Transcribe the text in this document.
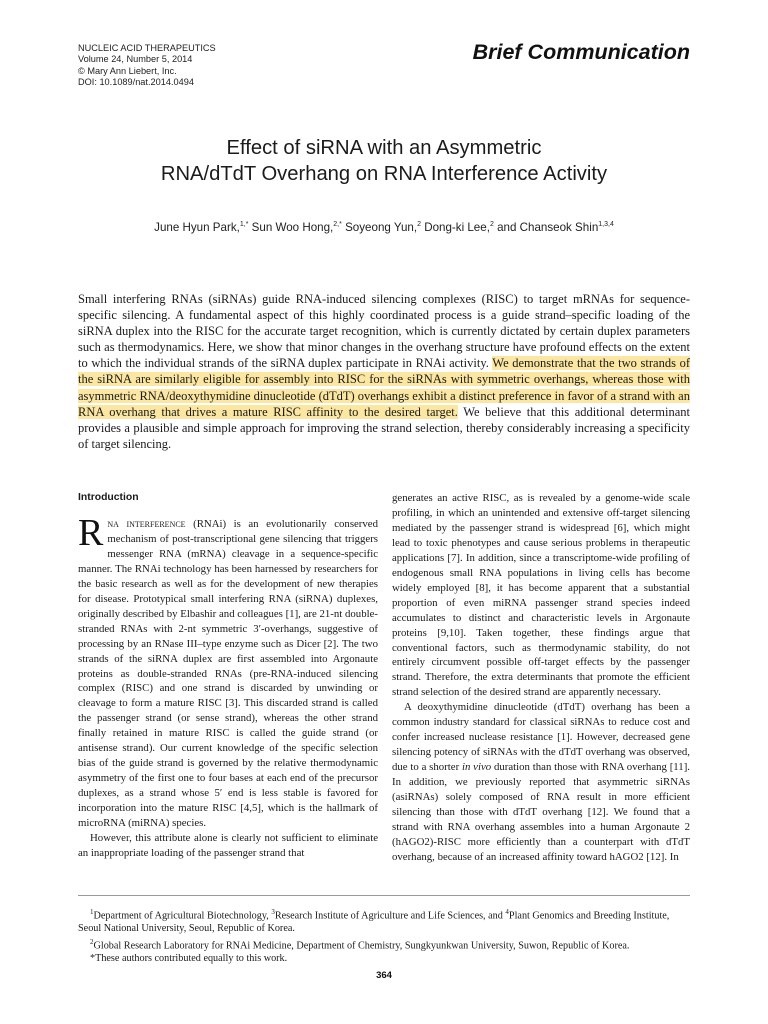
NUCLEIC ACID THERAPEUTICS
Volume 24, Number 5, 2014
© Mary Ann Liebert, Inc.
DOI: 10.1089/nat.2014.0494
Brief Communication
Effect of siRNA with an Asymmetric
RNA/dTdT Overhang on RNA Interference Activity
June Hyun Park,$^{1,*}$ Sun Woo Hong,$^{2,*}$ Soyeong Yun,$^2$ Dong-ki Lee,$^2$ and Chanseok Shin$^{1,3,4}$
Small interfering RNAs (siRNAs) guide RNA-induced silencing complexes (RISC) to target mRNAs for sequence-specific silencing. A fundamental aspect of this highly coordinated process is a guide strand–specific loading of the siRNA duplex into the RISC for the accurate target recognition, which is currently dictated by certain duplex parameters such as thermodynamics. Here, we show that minor changes in the overhang structure have profound effects on the extent to which the individual strands of the siRNA duplex participate in RNAi activity. We demonstrate that the two strands of the siRNA are similarly eligible for assembly into RISC for the siRNAs with symmetric overhangs, whereas those with asymmetric RNA/deoxythymidine dinucleotide (dTdT) overhangs exhibit a distinct preference in favor of a strand with an RNA overhang that drives a mature RISC affinity to the desired target. We believe that this additional determinant provides a plausible and simple approach for improving the strand selection, thereby considerably increasing a specificity of target silencing.

Introduction

Rna interference (RNAi) is an evolutionarily conserved mechanism of post-transcriptional gene silencing that triggers messenger RNA (mRNA) cleavage in a sequence-specific manner. The RNAi technology has been harnessed by researchers for the basic research as well as for the development of new therapies for disease. Prototypical small interfering RNA (siRNA) duplexes, originally described by Elbashir and colleagues [1], are 21-nt double-stranded RNAs with 2-nt symmetric 3′-overhangs, suggestive of processing by an RNase III–type enzyme such as Dicer [2]. The two strands of the siRNA duplex are first assembled into Argonaute proteins as double-stranded RNAs (pre-RNA-induced silencing complex (RISC) and one strand is discarded by unwinding or cleavage to form a mature RISC [3]. This discarded strand is called the passenger strand (or sense strand), whereas the other strand finally retained in mature RISC is called the guide strand (or antisense strand). Our current knowledge of the specific selection bias of the guide strand is governed by the relative thermodynamic asymmetry of the first one to four bases at each end of the precursor duplexes, as a strand whose 5′ end is less stable is favored for incorporation into the mature RISC [4,5], which is the hallmark of microRNA (miRNA) species.

However, this attribute alone is clearly not sufficient to eliminate an inappropriate loading of the passenger strand that

generates an active RISC, as is revealed by a genome-wide scale profiling, in which an unintended and extensive off-target silencing mediated by the passenger strand is widespread [6], which might lead to toxic phenotypes and cause serious problems in therapeutic applications [7]. In addition, since a transcriptome-wide profiling of endogenous small RNA populations in living cells has become widely employed [8], it has become apparent that a substantial proportion of even miRNA passenger strand species indeed accumulates to distinct and characteristic levels in Argonaute proteins [9,10]. Taken together, these findings argue that conventional factors, such as thermodynamic stability, do not entirely circumvent possible off-target effects by the passenger strand. Therefore, the extra determinants that promote the efficient strand selection of the desired strand are apparently necessary.

A deoxythymidine dinucleotide (dTdT) overhang has been a common industry standard for classical siRNAs to reduce cost and confer increased nuclease resistance [1]. However, decreased gene silencing potency of siRNAs with the dTdT overhang was observed, due to a shorter in vivo duration than those with RNA overhang [11]. In addition, we previously reported that asymmetric siRNAs (asiRNAs) solely composed of RNA result in more efficient silencing than those with dTdT overhang [12]. We found that a strand with RNA overhang assembles into a human Argonaute 2 (hAGO2)-RISC more efficiently than a counterpart with dTdT overhang, because of an increased affinity toward hAGO2 [12]. In

$^1$Department of Agricultural Biotechnology, $^3$Research Institute of Agriculture and Life Sciences, and $^4$Plant Genomics and Breeding Institute, Seoul National University, Seoul, Republic of Korea.

$^2$Global Research Laboratory for RNAi Medicine, Department of Chemistry, Sungkyunkwan University, Suwon, Republic of Korea.

*These authors contributed equally to this work.

364
